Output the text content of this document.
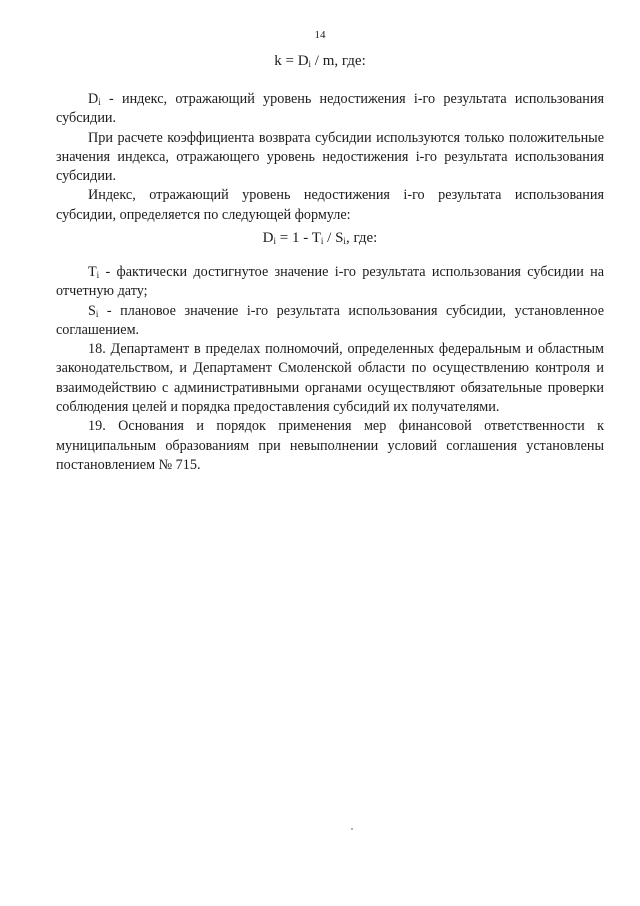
14
$k = D_i / m$, где:

$D_i$ - индекс, отражающий уровень недостижения i-го результата использования субсидии.

При расчете коэффициента возврата субсидии используются только положительные значения индекса, отражающего уровень недостижения i-го результата использования субсидии.

Индекс, отражающий уровень недостижения i-го результата использования субсидии, определяется по следующей формуле:

$D_i = 1 - T_i / S_i$, где:

$T_i$ - фактически достигнутое значение i-го результата использования субсидии на отчетную дату;

$S_i$ - плановое значение i-го результата использования субсидии, установленное соглашением.

18. Департамент в пределах полномочий, определенных федеральным и областным законодательством, и Департамент Смоленской области по осуществлению контроля и взаимодействию с административными органами осуществляют обязательные проверки соблюдения целей и порядка предоставления субсидий их получателями.

19. Основания и порядок применения мер финансовой ответственности к муниципальным образованиям при невыполнении условий соглашения установлены постановлением № 715.
